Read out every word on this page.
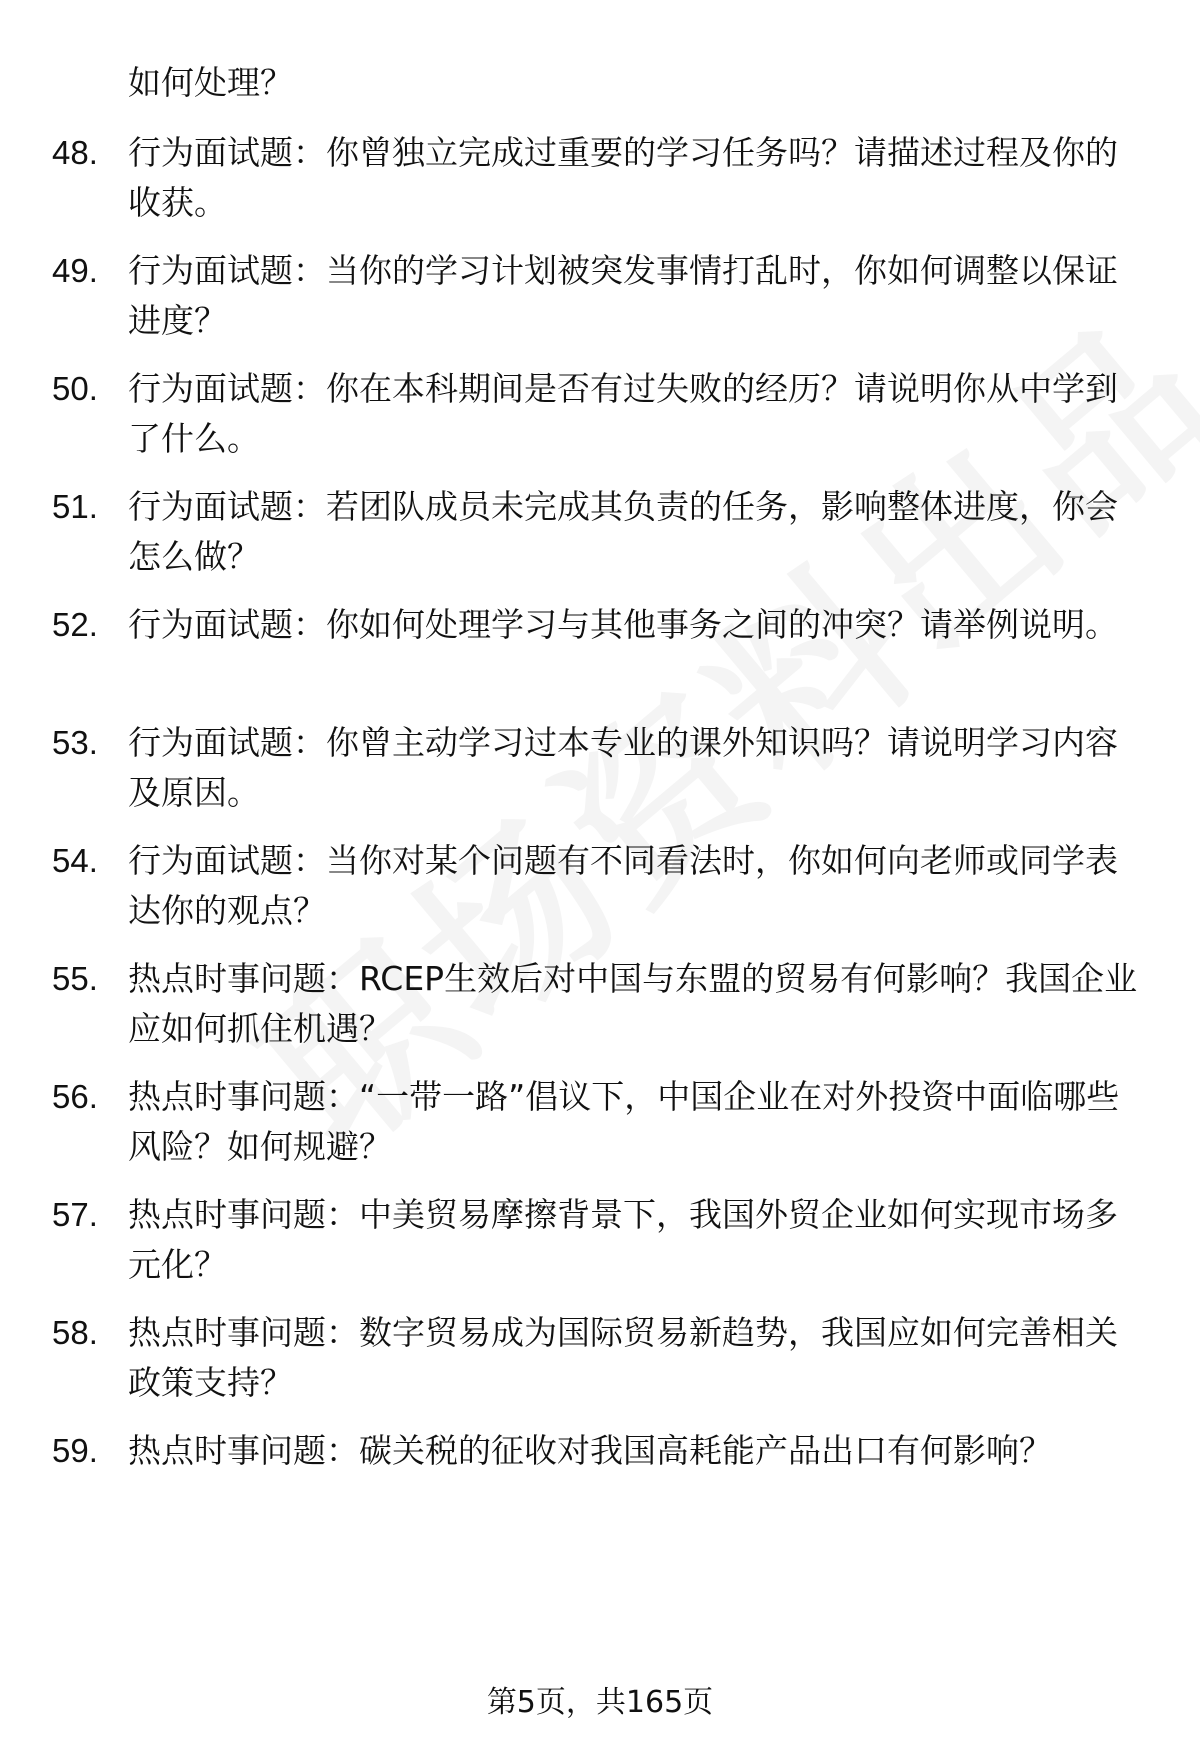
如何处理？
48. 行为面试题：你曾独立完成过重要的学习任务吗？请描述过程及你的收获。
49. 行为面试题：当你的学习计划被突发事情打乱时，你如何调整以保证进度？
50. 行为面试题：你在本科期间是否有过失败的经历？请说明你从中学到了什么。
51. 行为面试题：若团队成员未完成其负责的任务，影响整体进度，你会怎么做？
52. 行为面试题：你如何处理学习与其他事务之间的冲突？请举例说明。
53. 行为面试题：你曾主动学习过本专业的课外知识吗？请说明学习内容及原因。
54. 行为面试题：当你对某个问题有不同看法时，你如何向老师或同学表达你的观点？
55. 热点时事问题：RCEP生效后对中国与东盟的贸易有何影响？我国企业应如何抓住机遇？
56. 热点时事问题：“一带一路”倡议下，中国企业在对外投资中面临哪些风险？如何规避？
57. 热点时事问题：中美贸易摩擦背景下，我国外贸企业如何实现市场多元化？
58. 热点时事问题：数字贸易成为国际贸易新趋势，我国应如何完善相关政策支持？
59. 热点时事问题：碳关税的征收对我国高耗能产品出口有何影响？
第5页，共165页
